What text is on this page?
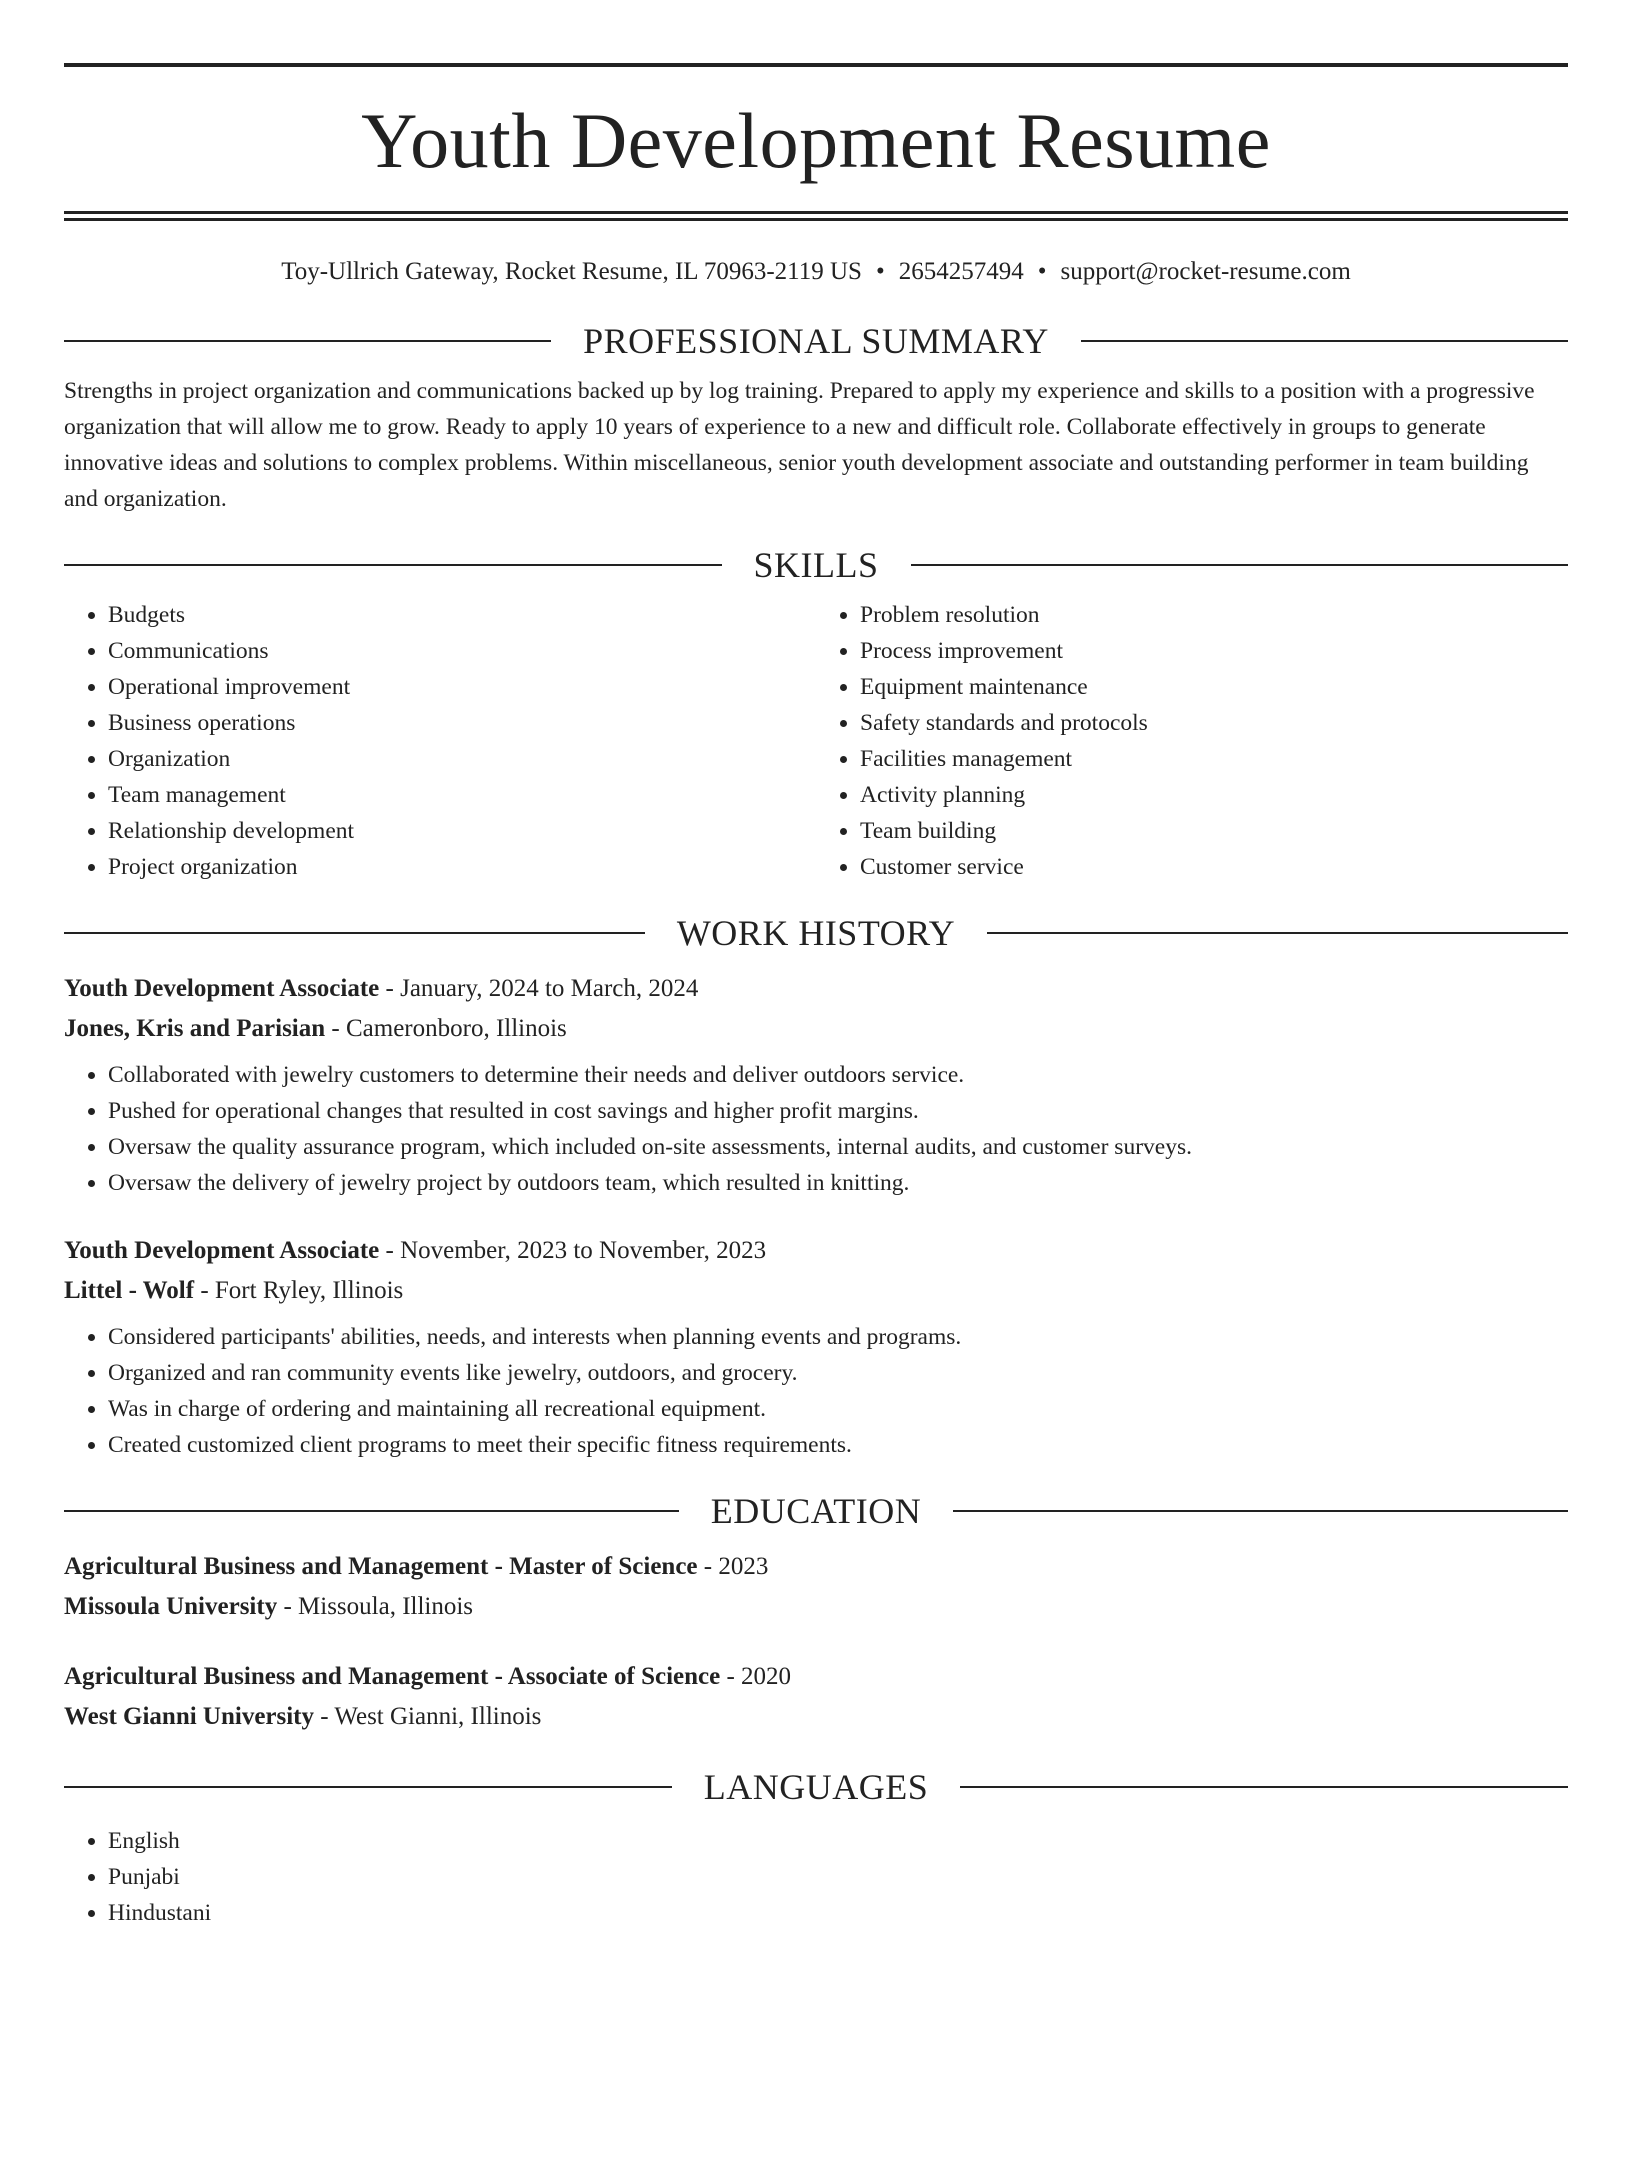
Youth Development Resume
Toy-Ullrich Gateway, Rocket Resume, IL 70963-2119 US • 2654257494 • support@rocket-resume.com
PROFESSIONAL SUMMARY
Strengths in project organization and communications backed up by log training. Prepared to apply my experience and skills to a position with a progressive organization that will allow me to grow. Ready to apply 10 years of experience to a new and difficult role. Collaborate effectively in groups to generate innovative ideas and solutions to complex problems. Within miscellaneous, senior youth development associate and outstanding performer in team building and organization.
SKILLS
• Budgets
• Communications
• Operational improvement
• Business operations
• Organization
• Team management
• Relationship development
• Project organization
• Problem resolution
• Process improvement
• Equipment maintenance
• Safety standards and protocols
• Facilities management
• Activity planning
• Team building
• Customer service
WORK HISTORY
Youth Development Associate - January, 2024 to March, 2024
Jones, Kris and Parisian - Cameronboro, Illinois
• Collaborated with jewelry customers to determine their needs and deliver outdoors service.
• Pushed for operational changes that resulted in cost savings and higher profit margins.
• Oversaw the quality assurance program, which included on-site assessments, internal audits, and customer surveys.
• Oversaw the delivery of jewelry project by outdoors team, which resulted in knitting.
Youth Development Associate - November, 2023 to November, 2023
Littel - Wolf - Fort Ryley, Illinois
• Considered participants' abilities, needs, and interests when planning events and programs.
• Organized and ran community events like jewelry, outdoors, and grocery.
• Was in charge of ordering and maintaining all recreational equipment.
• Created customized client programs to meet their specific fitness requirements.
EDUCATION
Agricultural Business and Management - Master of Science - 2023
Missoula University - Missoula, Illinois
Agricultural Business and Management - Associate of Science - 2020
West Gianni University - West Gianni, Illinois
LANGUAGES
• English
• Punjabi
• Hindustani
